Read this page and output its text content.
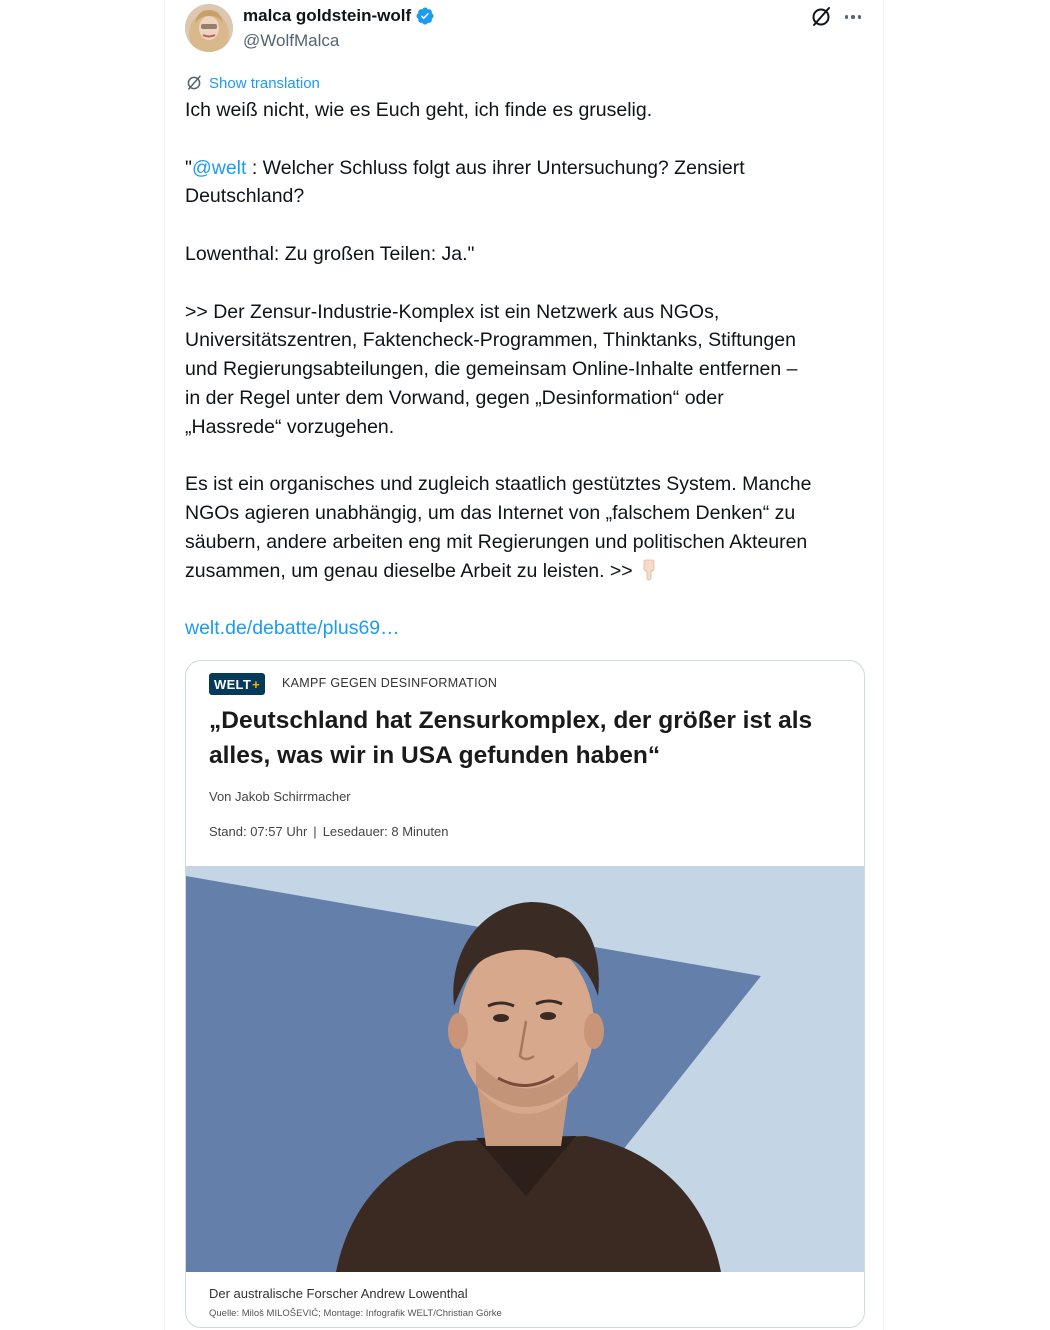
malca goldstein-wolf
@WolfMalca
Show translation

Ich weiß nicht, wie es Euch geht, ich finde es gruselig.

"@welt : Welcher Schluss folgt aus ihrer Untersuchung? Zensiert

Deutschland?

Lowenthal: Zu großen Teilen: Ja."

>> Der Zensur-Industrie-Komplex ist ein Netzwerk aus NGOs,

Universitätszentren, Faktencheck-Programmen, Thinktanks, Stiftungen

und Regierungsabteilungen, die gemeinsam Online-Inhalte entfernen –

in der Regel unter dem Vorwand, gegen „Desinformation“ oder

„Hassrede“ vorzugehen.

Es ist ein organisches und zugleich staatlich gestütztes System. Manche

NGOs agieren unabhängig, um das Internet von „falschem Denken“ zu

säubern, andere arbeiten eng mit Regierungen und politischen Akteuren

zusammen, um genau dieselbe Arbeit zu leisten. >>

welt.de/debatte/plus69…

WELT + KAMPF GEGEN DESINFORMATION
„Deutschland hat Zensurkomplex, der größer ist als
alles, was wir in USA gefunden haben“
Von Jakob Schirrmacher
Stand: 07:57 Uhr | Lesedauer: 8 Minuten
Der australische Forscher Andrew Lowenthal
Quelle: Miloš MILOŠEVIĆ; Montage: Infografik WELT/Christian Görke
